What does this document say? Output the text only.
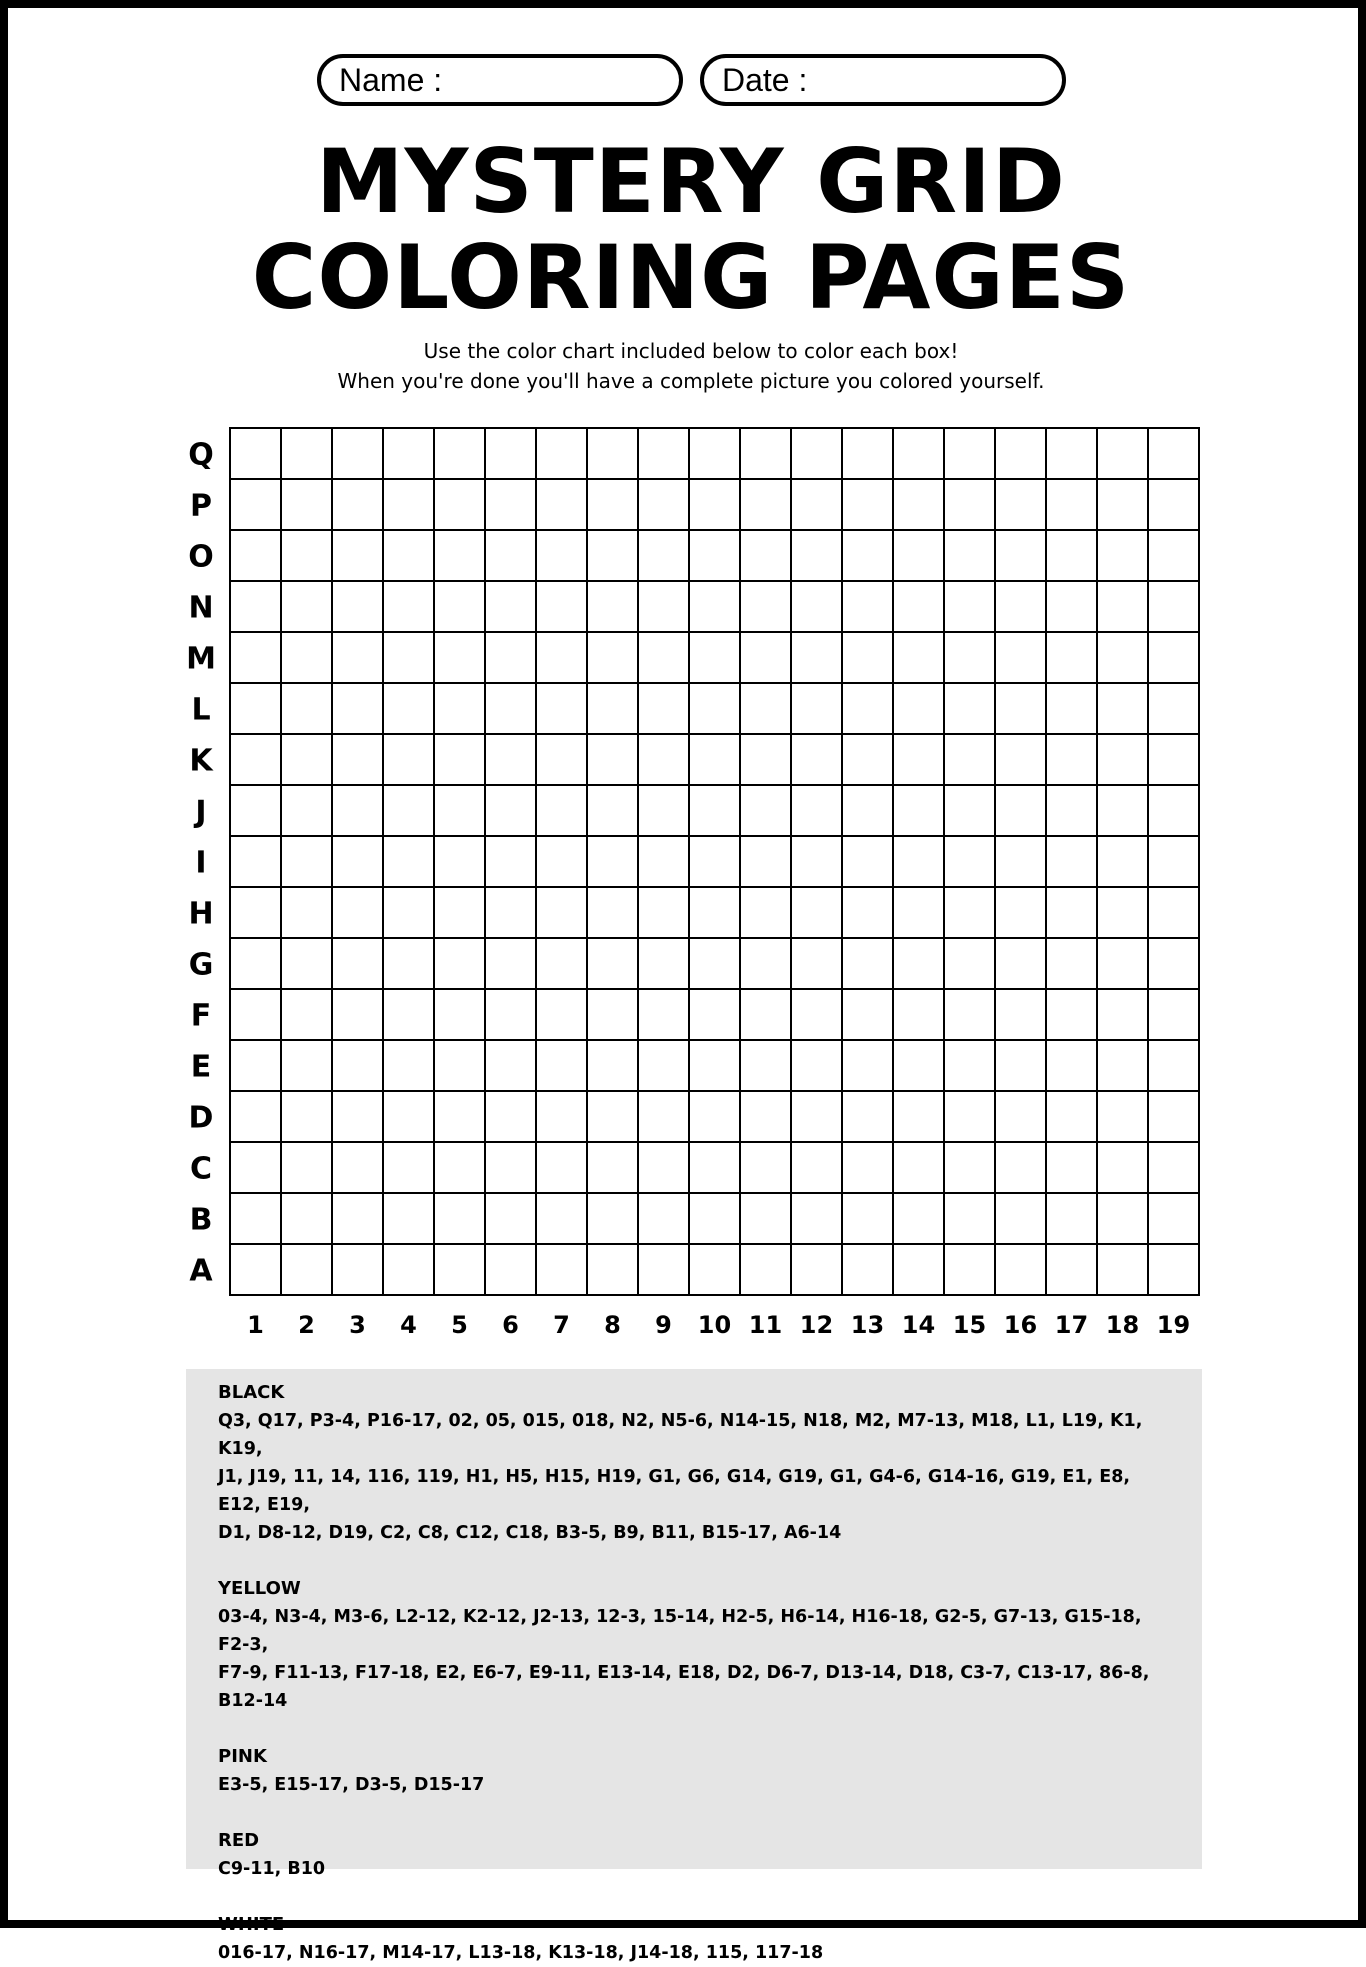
Name :	Date :
MYSTERY GRID
COLORING PAGES
Use the color chart included below to color each box!
When you're done you'll have a complete picture you colored yourself.
Q
P
O
N
M
L
K
J
I
H
G
F
E
D
C
B
A
1 2 3 4 5 6 7 8 9 10 11 12 13 14 15 16 17 18 19
BLACK
Q3, Q17, P3-4, P16-17, 02, 05, 015, 018, N2, N5-6, N14-15, N18, M2, M7-13, M18, L1, L19, K1, K19,
J1, J19, 11, 14, 116, 119, H1, H5, H15, H19, G1, G6, G14, G19, G1, G4-6, G14-16, G19, E1, E8, E12, E19,
D1, D8-12, D19, C2, C8, C12, C18, B3-5, B9, B11, B15-17, A6-14
YELLOW
03-4, N3-4, M3-6, L2-12, K2-12, J2-13, 12-3, 15-14, H2-5, H6-14, H16-18, G2-5, G7-13, G15-18, F2-3,
F7-9, F11-13, F17-18, E2, E6-7, E9-11, E13-14, E18, D2, D6-7, D13-14, D18, C3-7, C13-17, 86-8, B12-14
PINK
E3-5, E15-17, D3-5, D15-17
RED
C9-11, B10
WHITE
016-17, N16-17, M14-17, L13-18, K13-18, J14-18, 115, 117-18
